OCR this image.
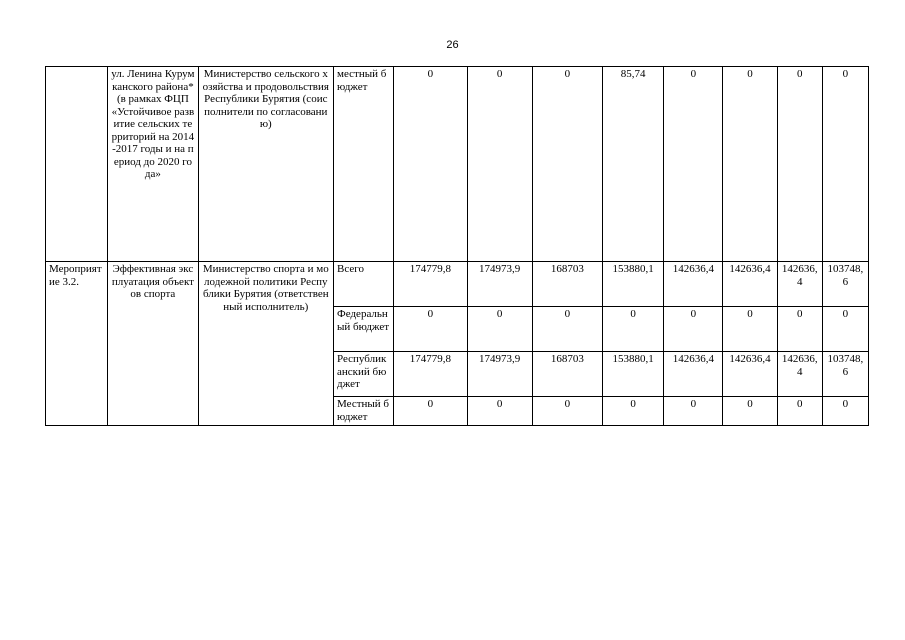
26
	ул. Ленина Курумканского района* (в рамках ФЦП «Устойчивое развитие сельских территорий на 2014-2017 годы и на период до 2020 года»	Министерство сельского хозяйства и продовольствия Республики Бурятия (соисполнители по согласованию)	местный бюджет	0	0	0	85,74	0	0	0	0
Мероприятие 3.2.	Эффективная эксплуатация объектов спорта	Министерство спорта и молодежной политики Республики Бурятия (ответственный исполнитель)	Всего	174779,8	174973,9	168703	153880,1	142636,4	142636,4	142636,4	103748,6
			Федеральный бюджет	0	0	0	0	0	0	0	0
			Республиканский бюджет	174779,8	174973,9	168703	153880,1	142636,4	142636,4	142636,4	103748,6
			Местный бюджет	0	0	0	0	0	0	0	0
